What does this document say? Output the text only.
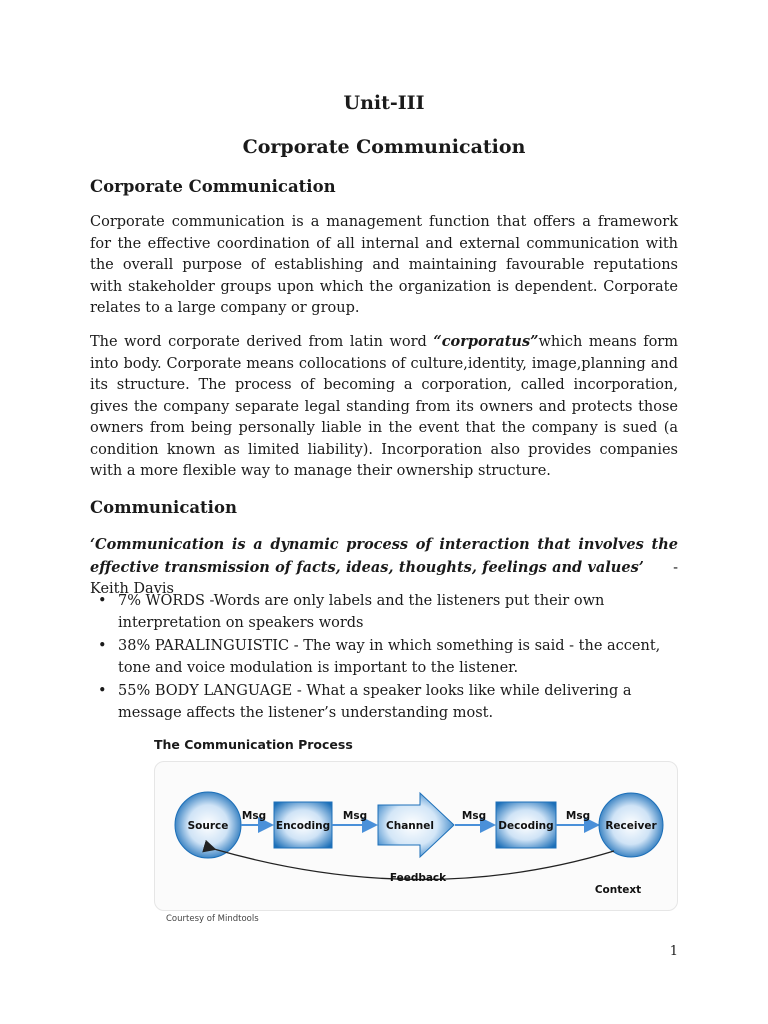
Unit-III
Corporate Communication
Corporate Communication

Corporate communication is a management function that offers a framework for the effective coordination of all internal and external communication with the overall purpose of establishing and maintaining favourable reputations with stakeholder groups upon which the organization is dependent. Corporate relates to a large company or group.

The word corporate derived from latin word “corporatus”which means form into body. Corporate means collocations of culture,identity, image,planning and its structure. The process of becoming a corporation, called incorporation, gives the company separate legal standing from its owners and protects those owners from being personally liable in the event that the company is sued (a condition known as limited liability). Incorporation also provides companies with a more flexible way to manage their ownership structure.

Communication

‘Communication is a dynamic process of interaction that involves the effective transmission of facts, ideas, thoughts, feelings and values’ - Keith Davis

• 7% WORDS -Words are only labels and the listeners put their own interpretation on speakers words
• 38% PARALINGUISTIC - The way in which something is said - the accent, tone and voice modulation is important to the listener.
• 55% BODY LANGUAGE - What a speaker looks like while delivering a message affects the listener’s understanding most.
The Communication Process
Source
Msg
Encoding
Msg
Channel
Msg
Decoding
Msg
Receiver
Feedback
Context
Courtesy of Mindtools
1
